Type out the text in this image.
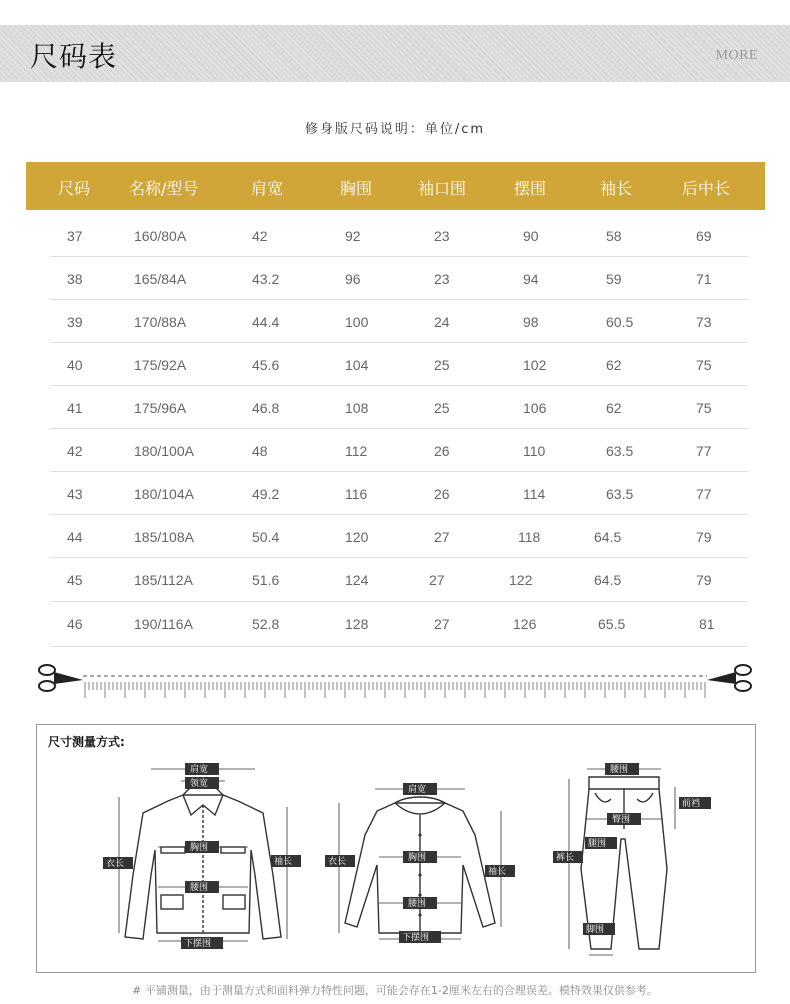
尺码表	MORE
修身版尺码说明：单位/cm
尺码 名称/型号	肩宽	胸围	袖口围	摆围	袖长	后中长
37	160/80A	42	92	23	90	58	69
38	165/84A	43.2	96	23	94	59	71
39	170/88A	44.4	100	24	98	60.5	73
40	175/92A	45.6	104	25	102	62	75
41	175/96A	46.8	108	25	106	62	75
42	180/100A	48	112	26	110	63.5	77
43	180/104A	49.2	116	26	114	63.5	77
44	185/108A	50.4	120	27	118	64.5	79
45	185/112A	51.6	124	27	122	64.5	79
46	190/116A	52.8	128	27	126	65.5	81
尺寸测量方式:
肩宽
领宽
胸围
腰围
衣长	袖长
下摆围
肩宽
胸围
腰围
衣长
袖长
下摆围
腰围
前裆
臀围
腿围
裤长
脚围
# 平铺测量，由于测量方式和面料弹力特性问题，可能会存在1-2厘米左右的合理误差。模特效果仅供参考。
